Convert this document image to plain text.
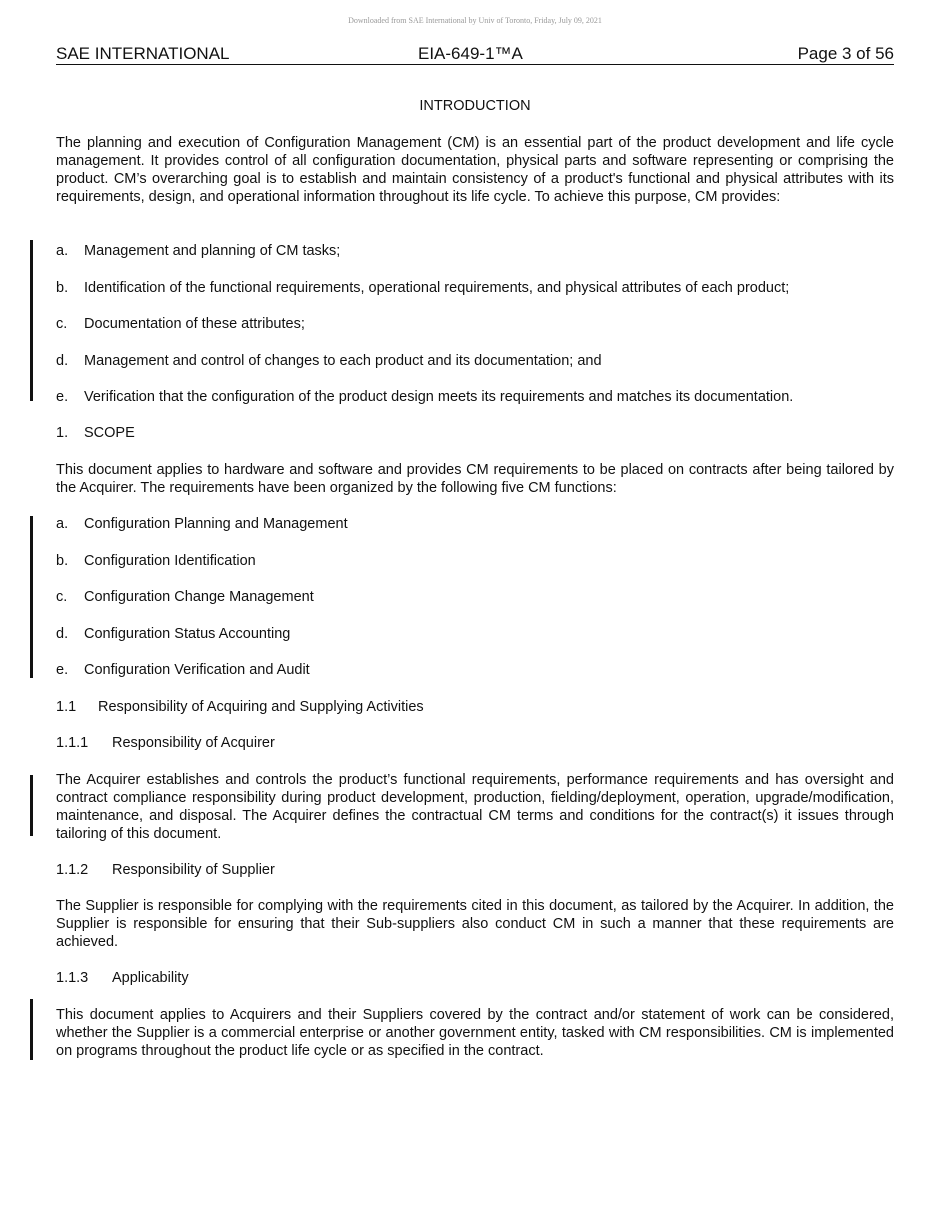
Downloaded from SAE International by Univ of Toronto, Friday, July 09, 2021
SAE INTERNATIONAL	EIA-649-1™A	Page 3 of 56
INTRODUCTION
The planning and execution of Configuration Management (CM) is an essential part of the product development and life cycle management. It provides control of all configuration documentation, physical parts and software representing or comprising the product. CM’s overarching goal is to establish and maintain consistency of a product's functional and physical attributes with its requirements, design, and operational information throughout its life cycle. To achieve this purpose, CM provides:
a. Management and planning of CM tasks;
b. Identification of the functional requirements, operational requirements, and physical attributes of each product;
c. Documentation of these attributes;
d. Management and control of changes to each product and its documentation; and
e. Verification that the configuration of the product design meets its requirements and matches its documentation.
1. SCOPE
This document applies to hardware and software and provides CM requirements to be placed on contracts after being tailored by the Acquirer. The requirements have been organized by the following five CM functions:
a. Configuration Planning and Management
b. Configuration Identification
c. Configuration Change Management
d. Configuration Status Accounting
e. Configuration Verification and Audit
1.1 Responsibility of Acquiring and Supplying Activities
1.1.1 Responsibility of Acquirer
The Acquirer establishes and controls the product’s functional requirements, performance requirements and has oversight and contract compliance responsibility during product development, production, fielding/deployment, operation, upgrade/modification, maintenance, and disposal. The Acquirer defines the contractual CM terms and conditions for the contract(s) it issues through tailoring of this document.
1.1.2 Responsibility of Supplier
The Supplier is responsible for complying with the requirements cited in this document, as tailored by the Acquirer. In addition, the Supplier is responsible for ensuring that their Sub-suppliers also conduct CM in such a manner that these requirements are achieved.
1.1.3 Applicability
This document applies to Acquirers and their Suppliers covered by the contract and/or statement of work can be considered, whether the Supplier is a commercial enterprise or another government entity, tasked with CM responsibilities. CM is implemented on programs throughout the product life cycle or as specified in the contract.
